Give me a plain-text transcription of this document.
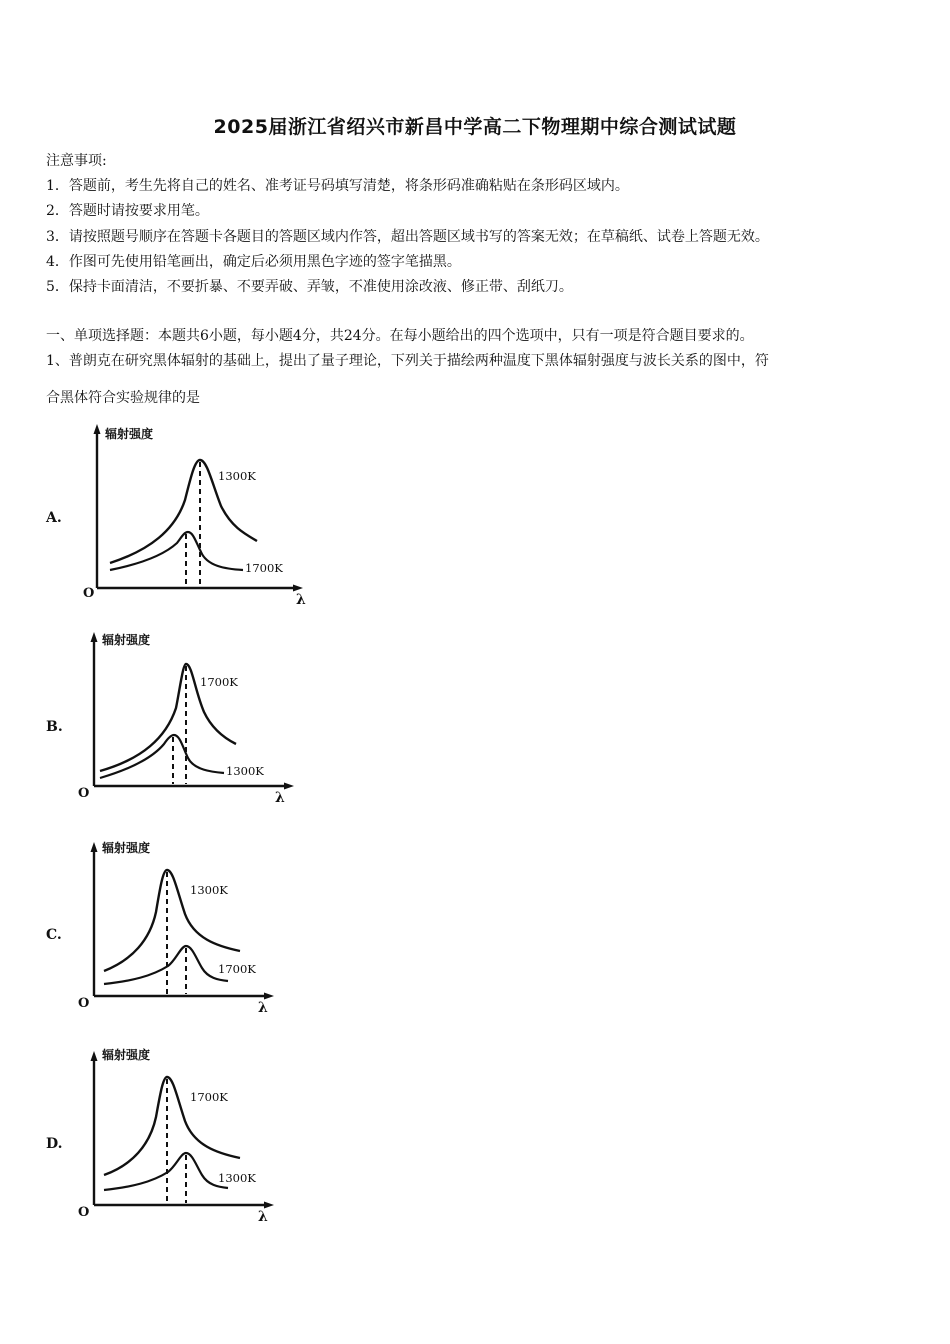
2025届浙江省绍兴市新昌中学高二下物理期中综合测试试题
注意事项:
1．答题前，考生先将自己的姓名、准考证号码填写清楚，将条形码准确粘贴在条形码区域内。
2．答题时请按要求用笔。
3．请按照题号顺序在答题卡各题目的答题区域内作答，超出答题区域书写的答案无效；在草稿纸、试卷上答题无效。
4．作图可先使用铅笔画出，确定后必须用黑色字迹的签字笔描黑。
5．保持卡面清洁，不要折暴、不要弄破、弄皱，不准使用涂改液、修正带、刮纸刀。
一、单项选择题：本题共6小题，每小题4分，共24分。在每小题给出的四个选项中，只有一项是符合题目要求的。
1、普朗克在研究黑体辐射的基础上，提出了量子理论，下列关于描绘两种温度下黑体辐射强度与波长关系的图中，符
合黑体符合实验规律的是
A.
辐射强度
λ
O
1300K
1700K
B.
辐射强度
λ
O
1700K
1300K
C.
辐射强度
λ
O
1300K
1700K
D.
辐射强度
λ
O
1700K
1300K
